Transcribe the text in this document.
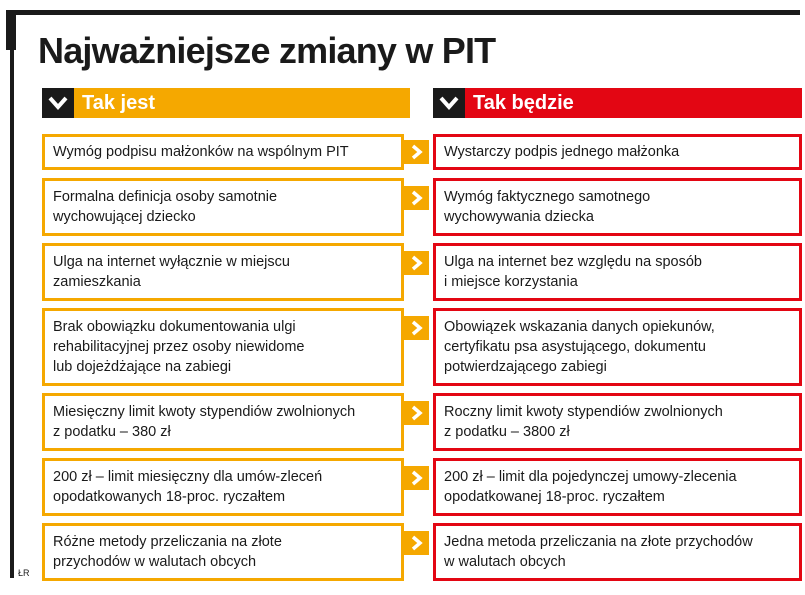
Najważniejsze zmiany w PIT
Tak jest	Tak będzie
Wymóg podpisu małżonków na wspólnym PIT	Wystarczy podpis jednego małżonka
Formalna definicja osoby samotnie
wychowującej dziecko
Wymóg faktycznego samotnego
wychowywania dziecka
Ulga na internet wyłącznie w miejscu
zamieszkania
Ulga na internet bez względu na sposób
i miejsce korzystania
Brak obowiązku dokumentowania ulgi
rehabilitacyjnej przez osoby niewidome
lub dojeżdżające na zabiegi
Obowiązek wskazania danych opiekunów,
certyfikatu psa asystującego, dokumentu
potwierdzającego zabiegi
Miesięczny limit kwoty stypendiów zwolnionych
z podatku – 380 zł
Roczny limit kwoty stypendiów zwolnionych
z podatku – 3800 zł
200 zł – limit miesięczny dla umów-zleceń
opodatkowanych 18-proc. ryczałtem
200 zł – limit dla pojedynczej umowy-zlecenia
opodatkowanej 18-proc. ryczałtem
Różne metody przeliczania na złote
przychodów w walutach obcych
Jedna metoda przeliczania na złote przychodów
w walutach obcych
ŁR
